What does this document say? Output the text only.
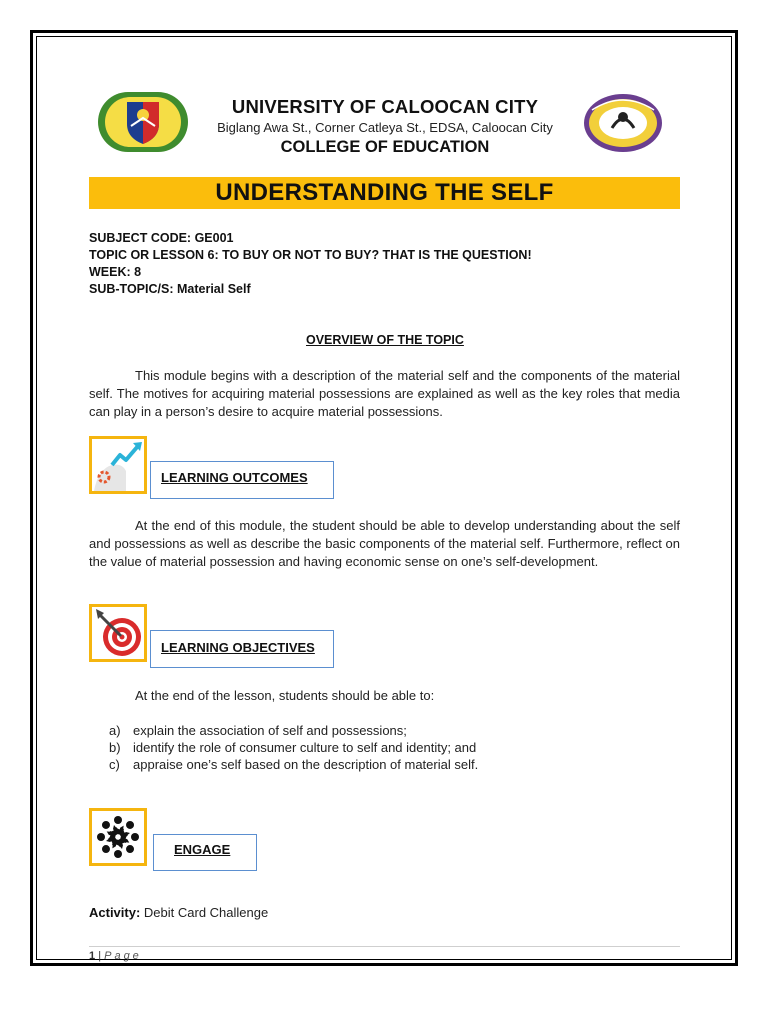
UNIVERSITY OF CALOOCAN CITY
Biglang Awa St., Corner Catleya St., EDSA, Caloocan City
COLLEGE OF EDUCATION
UNDERSTANDING THE SELF
SUBJECT CODE: GE001
TOPIC OR LESSON 6: TO BUY OR NOT TO BUY? THAT IS THE QUESTION!
WEEK: 8
SUB-TOPIC/S: Material Self
OVERVIEW OF THE TOPIC
This module begins with a description of the material self and the components of the material self. The motives for acquiring material possessions are explained as well as the key roles that media can play in a person’s desire to acquire material possessions.
LEARNING OUTCOMES
At the end of this module, the student should be able to develop understanding about the self and possessions as well as describe the basic components of the material self. Furthermore, reflect on the value of material possession and having economic sense on one’s self-development.
LEARNING OBJECTIVES
At the end of the lesson, students should be able to:
a) explain the association of self and possessions;
b) identify the role of consumer culture to self and identity; and
c) appraise one’s self based on the description of material self.
ENGAGE
Activity: Debit Card Challenge
1 | Page
